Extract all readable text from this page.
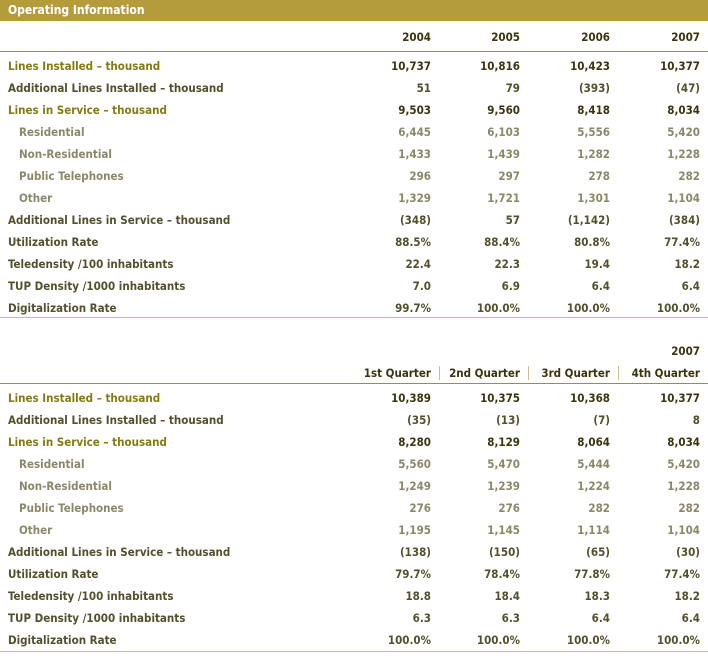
Operating Information
2004	2005	2006	2007
Lines Installed – thousand	10,737	10,816	10,423	10,377
Additional Lines Installed – thousand	51	79	(393)	(47)
Lines in Service – thousand	9,503	9,560	8,418	8,034
Residential	6,445	6,103	5,556	5,420
Non-Residential	1,433	1,439	1,282	1,228
Public Telephones	296	297	278	282
Other	1,329	1,721	1,301	1,104
Additional Lines in Service – thousand	(348)	57	(1,142)	(384)
Utilization Rate	88.5%	88.4%	80.8%	77.4%
Teledensity /100 inhabitants	22.4	22.3	19.4	18.2
TUP Density /1000 inhabitants	7.0	6.9	6.4	6.4
Digitalization Rate	99.7%	100.0%	100.0%	100.0%
2007
1st Quarter 2nd Quarter 3rd Quarter 4th Quarter
Lines Installed – thousand	10,389	10,375	10,368	10,377
Additional Lines Installed – thousand	(35)	(13)	(7)	8
Lines in Service – thousand	8,280	8,129	8,064	8,034
Residential	5,560	5,470	5,444	5,420
Non-Residential	1,249	1,239	1,224	1,228
Public Telephones	276	276	282	282
Other	1,195	1,145	1,114	1,104
Additional Lines in Service – thousand	(138)	(150)	(65)	(30)
Utilization Rate	79.7%	78.4%	77.8%	77.4%
Teledensity /100 inhabitants	18.8	18.4	18.3	18.2
TUP Density /1000 inhabitants	6.3	6.3	6.4	6.4
Digitalization Rate	100.0%	100.0%	100.0%	100.0%
